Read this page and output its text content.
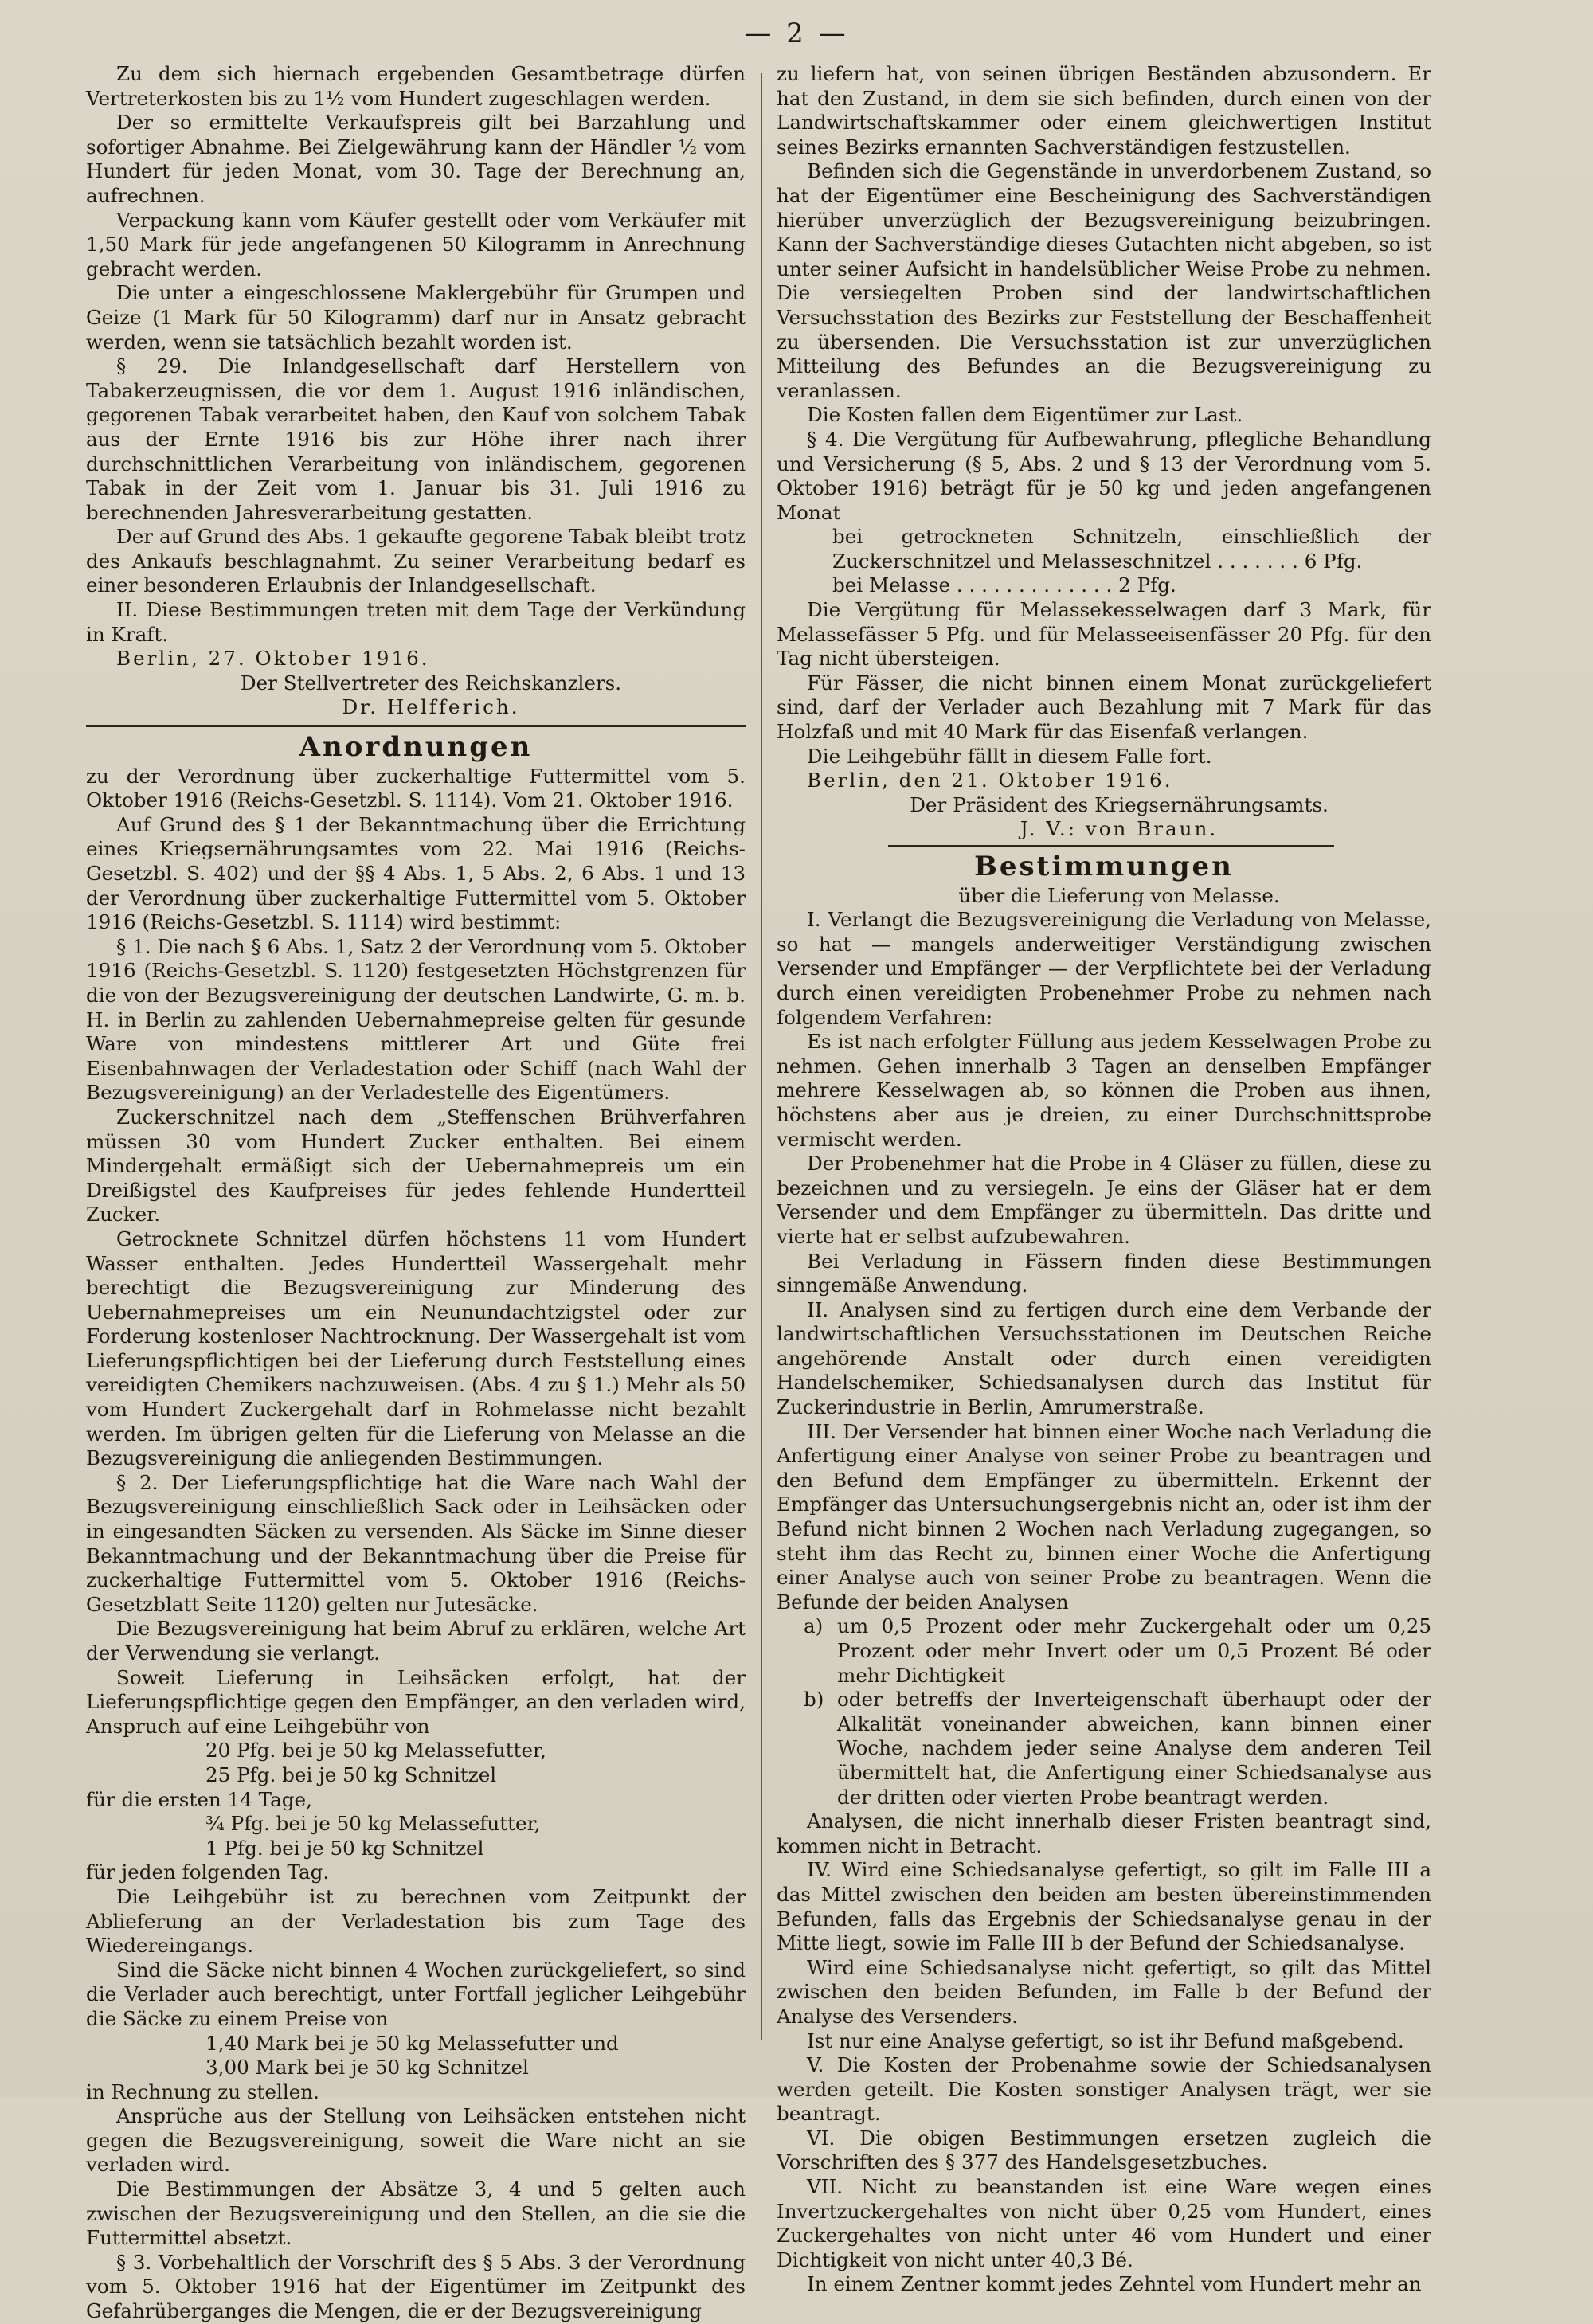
— 2 —

Zu dem sich hiernach ergebenden Gesamtbetrage dürfen Vertreterkosten bis zu 1½ vom Hundert zugeschlagen werden.

Der so ermittelte Verkaufspreis gilt bei Barzahlung und sofortiger Abnahme. Bei Zielgewährung kann der Händler ½ vom Hundert für jeden Monat, vom 30. Tage der Berechnung an, aufrechnen.

Verpackung kann vom Käufer gestellt oder vom Verkäufer mit 1,50 Mark für jede angefangenen 50 Kilogramm in Anrechnung gebracht werden.

Die unter a eingeschlossene Maklergebühr für Grumpen und Geize (1 Mark für 50 Kilogramm) darf nur in Ansatz gebracht werden, wenn sie tatsächlich bezahlt worden ist.

§ 29. Die Inlandgesellschaft darf Herstellern von Tabakerzeugnissen, die vor dem 1. August 1916 inländischen, gegorenen Tabak verarbeitet haben, den Kauf von solchem Tabak aus der Ernte 1916 bis zur Höhe ihrer nach ihrer durchschnittlichen Verarbeitung von inländischem, gegorenen Tabak in der Zeit vom 1. Januar bis 31. Juli 1916 zu berechnenden Jahresverarbeitung gestatten.

Der auf Grund des Abs. 1 gekaufte gegorene Tabak bleibt trotz des Ankaufs beschlagnahmt. Zu seiner Verarbeitung bedarf es einer besonderen Erlaubnis der Inlandgesellschaft.

II. Diese Bestimmungen treten mit dem Tage der Verkündung in Kraft.

Berlin, 27. Oktober 1916.

Der Stellvertreter des Reichskanzlers.

Dr. Helfferich.

Anordnungen

zu der Verordnung über zuckerhaltige Futtermittel vom 5. Oktober 1916 (Reichs-Gesetzbl. S. 1114). Vom 21. Oktober 1916.

Auf Grund des § 1 der Bekanntmachung über die Errichtung eines Kriegsernährungsamtes vom 22. Mai 1916 (Reichs-Gesetzbl. S. 402) und der §§ 4 Abs. 1, 5 Abs. 2, 6 Abs. 1 und 13 der Verordnung über zuckerhaltige Futtermittel vom 5. Oktober 1916 (Reichs-Gesetzbl. S. 1114) wird bestimmt:

§ 1. Die nach § 6 Abs. 1, Satz 2 der Verordnung vom 5. Oktober 1916 (Reichs-Gesetzbl. S. 1120) festgesetzten Höchstgrenzen für die von der Bezugsvereinigung der deutschen Landwirte, G. m. b. H. in Berlin zu zahlenden Uebernahmepreise gelten für gesunde Ware von mindestens mittlerer Art und Güte frei Eisenbahnwagen der Verladestation oder Schiff (nach Wahl der Bezugsvereinigung) an der Verladestelle des Eigentümers.

Zuckerschnitzel nach dem „Steffenschen Brühverfahren müssen 30 vom Hundert Zucker enthalten. Bei einem Mindergehalt ermäßigt sich der Uebernahmepreis um ein Dreißigstel des Kaufpreises für jedes fehlende Hundertteil Zucker.

Getrocknete Schnitzel dürfen höchstens 11 vom Hundert Wasser enthalten. Jedes Hundertteil Wassergehalt mehr berechtigt die Bezugsvereinigung zur Minderung des Uebernahmepreises um ein Neunundachtzigstel oder zur Forderung kostenloser Nachtrocknung. Der Wassergehalt ist vom Lieferungspflichtigen bei der Lieferung durch Feststellung eines vereidigten Chemikers nachzuweisen. (Abs. 4 zu § 1.) Mehr als 50 vom Hundert Zuckergehalt darf in Rohmelasse nicht bezahlt werden. Im übrigen gelten für die Lieferung von Melasse an die Bezugsvereinigung die anliegenden Bestimmungen.

§ 2. Der Lieferungspflichtige hat die Ware nach Wahl der Bezugsvereinigung einschließlich Sack oder in Leihsäcken oder in eingesandten Säcken zu versenden. Als Säcke im Sinne dieser Bekanntmachung und der Bekanntmachung über die Preise für zuckerhaltige Futtermittel vom 5. Oktober 1916 (Reichs-Gesetzblatt Seite 1120) gelten nur Jutesäcke.

Die Bezugsvereinigung hat beim Abruf zu erklären, welche Art der Verwendung sie verlangt.

Soweit Lieferung in Leihsäcken erfolgt, hat der Lieferungspflichtige gegen den Empfänger, an den verladen wird, Anspruch auf eine Leihgebühr von

20 Pfg. bei je 50 kg Melassefutter,
25 Pfg. bei je 50 kg Schnitzel

für die ersten 14 Tage,

¾ Pfg. bei je 50 kg Melassefutter,
1 Pfg. bei je 50 kg Schnitzel

für jeden folgenden Tag.

Die Leihgebühr ist zu berechnen vom Zeitpunkt der Ablieferung an der Verladestation bis zum Tage des Wiedereingangs.

Sind die Säcke nicht binnen 4 Wochen zurückgeliefert, so sind die Verlader auch berechtigt, unter Fortfall jeglicher Leihgebühr die Säcke zu einem Preise von

1,40 Mark bei je 50 kg Melassefutter und
3,00 Mark bei je 50 kg Schnitzel

in Rechnung zu stellen.

Ansprüche aus der Stellung von Leihsäcken entstehen nicht gegen die Bezugsvereinigung, soweit die Ware nicht an sie verladen wird.

Die Bestimmungen der Absätze 3, 4 und 5 gelten auch zwischen der Bezugsvereinigung und den Stellen, an die sie die Futtermittel absetzt.

§ 3. Vorbehaltlich der Vorschrift des § 5 Abs. 3 der Verordnung vom 5. Oktober 1916 hat der Eigentümer im Zeitpunkt des Gefahrüberganges die Mengen, die er der Bezugsvereinigung

zu liefern hat, von seinen übrigen Beständen abzusondern. Er hat den Zustand, in dem sie sich befinden, durch einen von der Landwirtschaftskammer oder einem gleichwertigen Institut seines Bezirks ernannten Sachverständigen festzustellen.

Befinden sich die Gegenstände in unverdorbenem Zustand, so hat der Eigentümer eine Bescheinigung des Sachverständigen hierüber unverzüglich der Bezugsvereinigung beizubringen. Kann der Sachverständige dieses Gutachten nicht abgeben, so ist unter seiner Aufsicht in handelsüblicher Weise Probe zu nehmen. Die versiegelten Proben sind der landwirtschaftlichen Versuchsstation des Bezirks zur Feststellung der Beschaffenheit zu übersenden. Die Versuchsstation ist zur unverzüglichen Mitteilung des Befundes an die Bezugsvereinigung zu veranlassen.

Die Kosten fallen dem Eigentümer zur Last.

§ 4. Die Vergütung für Aufbewahrung, pflegliche Behandlung und Versicherung (§ 5, Abs. 2 und § 13 der Verordnung vom 5. Oktober 1916) beträgt für je 50 kg und jeden angefangenen Monat

bei getrockneten Schnitzeln, einschließlich der Zuckerschnitzel und Melasseschnitzel . . . . . . . 6 Pfg.
bei Melasse . . . . . . . . . . . . . 2 Pfg.

Die Vergütung für Melassekesselwagen darf 3 Mark, für Melassefässer 5 Pfg. und für Melasseeisenfässer 20 Pfg. für den Tag nicht übersteigen.

Für Fässer, die nicht binnen einem Monat zurückgeliefert sind, darf der Verlader auch Bezahlung mit 7 Mark für das Holzfaß und mit 40 Mark für das Eisenfaß verlangen.

Die Leihgebühr fällt in diesem Falle fort.

Berlin, den 21. Oktober 1916.

Der Präsident des Kriegsernährungsamts.

J. V.: von Braun.

Bestimmungen

über die Lieferung von Melasse.

I. Verlangt die Bezugsvereinigung die Verladung von Melasse, so hat — mangels anderweitiger Verständigung zwischen Versender und Empfänger — der Verpflichtete bei der Verladung durch einen vereidigten Probenehmer Probe zu nehmen nach folgendem Verfahren:

Es ist nach erfolgter Füllung aus jedem Kesselwagen Probe zu nehmen. Gehen innerhalb 3 Tagen an denselben Empfänger mehrere Kesselwagen ab, so können die Proben aus ihnen, höchstens aber aus je dreien, zu einer Durchschnittsprobe vermischt werden.

Der Probenehmer hat die Probe in 4 Gläser zu füllen, diese zu bezeichnen und zu versiegeln. Je eins der Gläser hat er dem Versender und dem Empfänger zu übermitteln. Das dritte und vierte hat er selbst aufzubewahren.

Bei Verladung in Fässern finden diese Bestimmungen sinngemäße Anwendung.

II. Analysen sind zu fertigen durch eine dem Verbande der landwirtschaftlichen Versuchsstationen im Deutschen Reiche angehörende Anstalt oder durch einen vereidigten Handelschemiker, Schiedsanalysen durch das Institut für Zuckerindustrie in Berlin, Amrumerstraße.

III. Der Versender hat binnen einer Woche nach Verladung die Anfertigung einer Analyse von seiner Probe zu beantragen und den Befund dem Empfänger zu übermitteln. Erkennt der Empfänger das Untersuchungsergebnis nicht an, oder ist ihm der Befund nicht binnen 2 Wochen nach Verladung zugegangen, so steht ihm das Recht zu, binnen einer Woche die Anfertigung einer Analyse auch von seiner Probe zu beantragen. Wenn die Befunde der beiden Analysen

a) um 0,5 Prozent oder mehr Zuckergehalt oder um 0,25 Prozent oder mehr Invert oder um 0,5 Prozent Bé oder mehr Dichtigkeit
b) oder betreffs der Inverteigenschaft überhaupt oder der Alkalität voneinander abweichen, kann binnen einer Woche, nachdem jeder seine Analyse dem anderen Teil übermittelt hat, die Anfertigung einer Schiedsanalyse aus der dritten oder vierten Probe beantragt werden.

Analysen, die nicht innerhalb dieser Fristen beantragt sind, kommen nicht in Betracht.

IV. Wird eine Schiedsanalyse gefertigt, so gilt im Falle III a das Mittel zwischen den beiden am besten übereinstimmenden Befunden, falls das Ergebnis der Schiedsanalyse genau in der Mitte liegt, sowie im Falle III b der Befund der Schiedsanalyse.

Wird eine Schiedsanalyse nicht gefertigt, so gilt das Mittel zwischen den beiden Befunden, im Falle b der Befund der Analyse des Versenders.

Ist nur eine Analyse gefertigt, so ist ihr Befund maßgebend.

V. Die Kosten der Probenahme sowie der Schiedsanalysen werden geteilt. Die Kosten sonstiger Analysen trägt, wer sie beantragt.

VI. Die obigen Bestimmungen ersetzen zugleich die Vorschriften des § 377 des Handelsgesetzbuches.

VII. Nicht zu beanstanden ist eine Ware wegen eines Invertzuckergehaltes von nicht über 0,25 vom Hundert, eines Zuckergehaltes von nicht unter 46 vom Hundert und einer Dichtigkeit von nicht unter 40,3 Bé.

In einem Zentner kommt jedes Zehntel vom Hundert mehr an
